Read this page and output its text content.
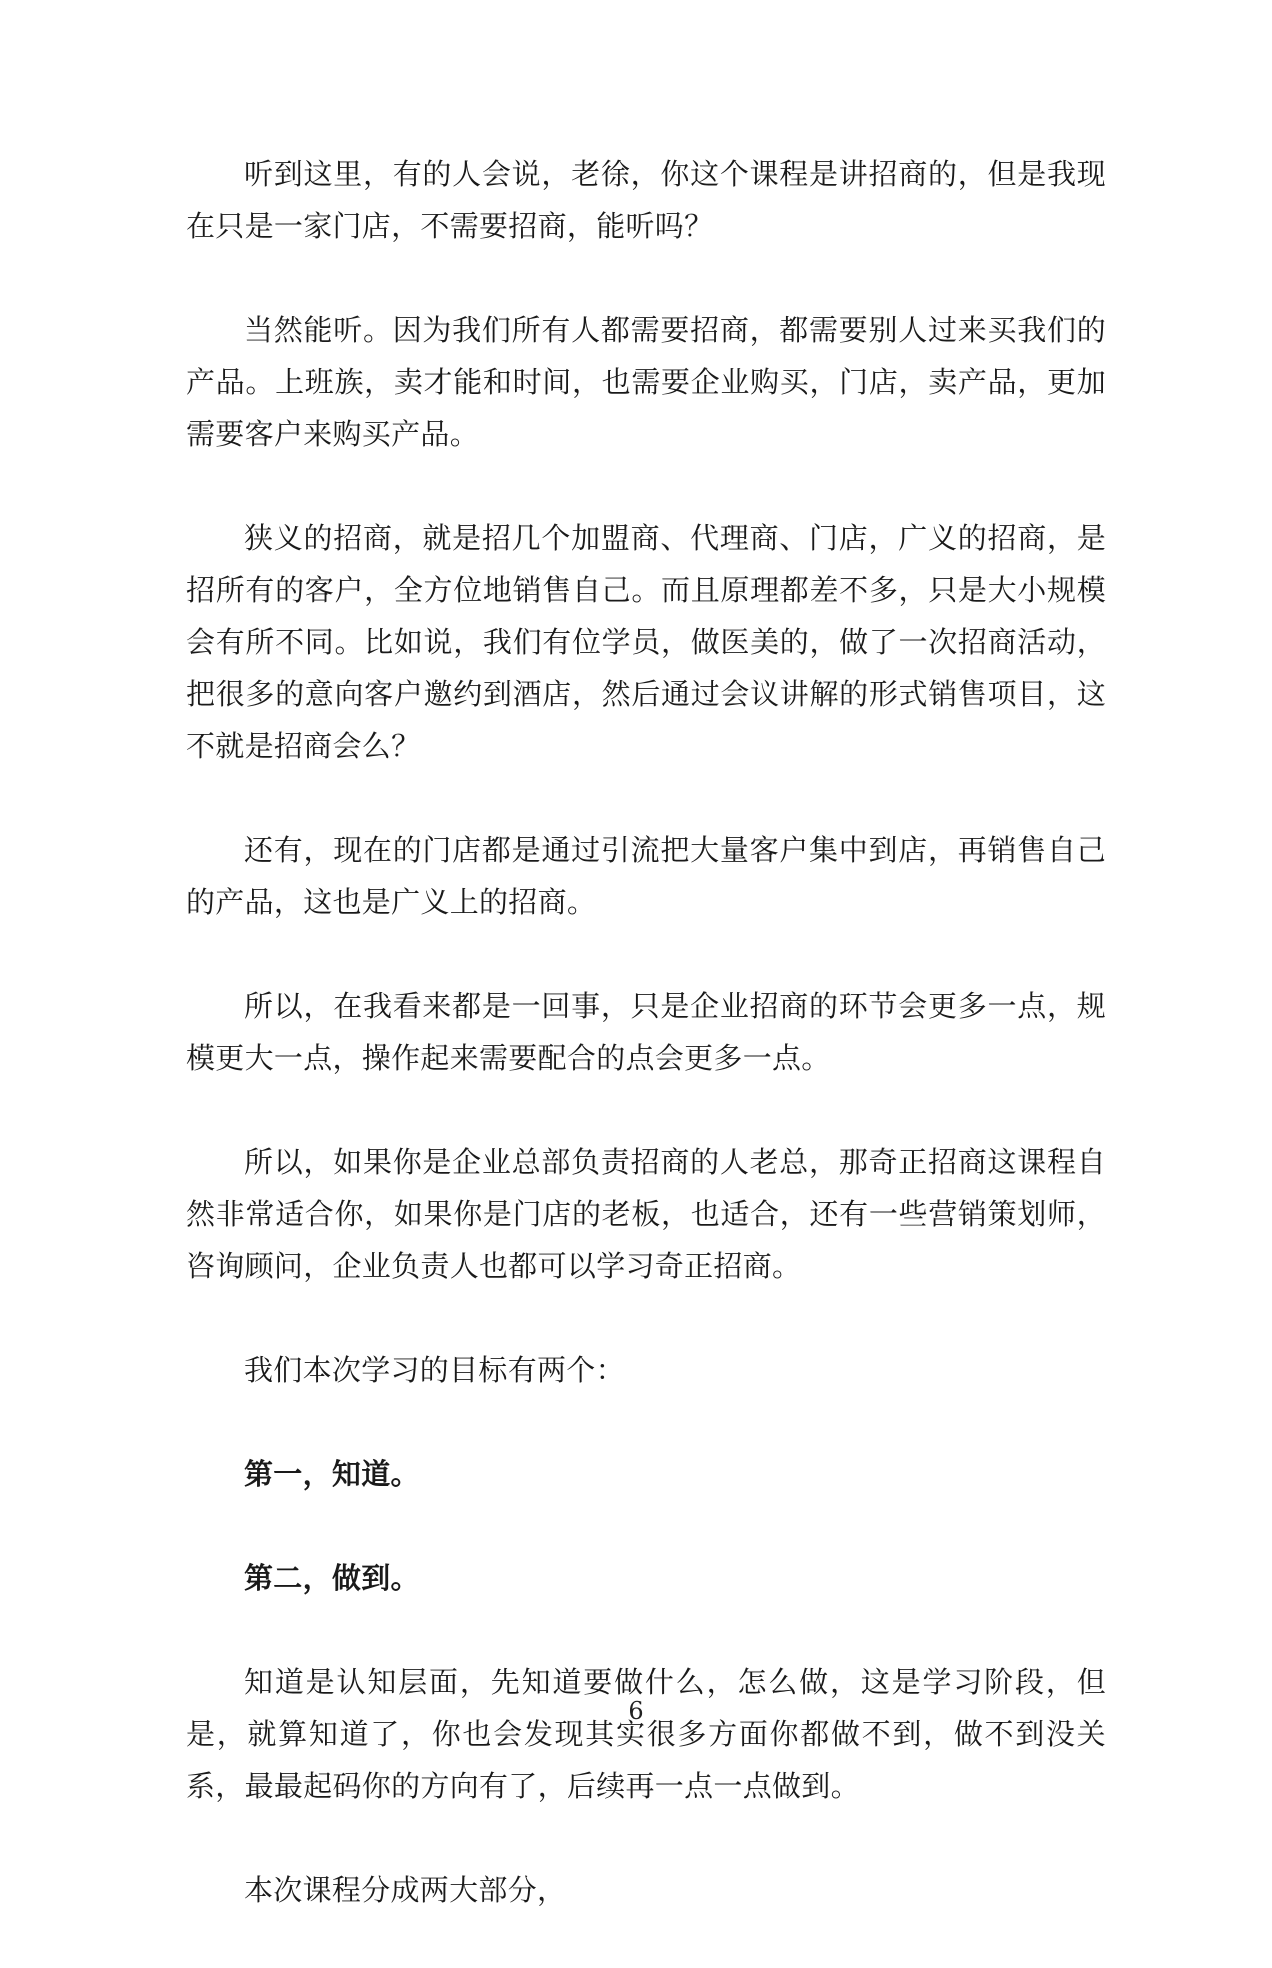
听到这里，有的人会说，老徐，你这个课程是讲招商的，但是我现在只是一家门店，不需要招商，能听吗？

当然能听。因为我们所有人都需要招商，都需要别人过来买我们的产品。上班族，卖才能和时间，也需要企业购买，门店，卖产品，更加需要客户来购买产品。

狭义的招商，就是招几个加盟商、代理商、门店，广义的招商，是招所有的客户，全方位地销售自己。而且原理都差不多，只是大小规模会有所不同。比如说，我们有位学员，做医美的，做了一次招商活动，把很多的意向客户邀约到酒店，然后通过会议讲解的形式销售项目，这不就是招商会么？

还有，现在的门店都是通过引流把大量客户集中到店，再销售自己的产品，这也是广义上的招商。

所以，在我看来都是一回事，只是企业招商的环节会更多一点，规模更大一点，操作起来需要配合的点会更多一点。

所以，如果你是企业总部负责招商的人老总，那奇正招商这课程自然非常适合你，如果你是门店的老板，也适合，还有一些营销策划师，咨询顾问，企业负责人也都可以学习奇正招商。

我们本次学习的目标有两个：

第一，知道。

第二，做到。

知道是认知层面，先知道要做什么，怎么做，这是学习阶段，但是，就算知道了，你也会发现其实很多方面你都做不到，做不到没关系，最最起码你的方向有了，后续再一点一点做到。

本次课程分成两大部分，

6
